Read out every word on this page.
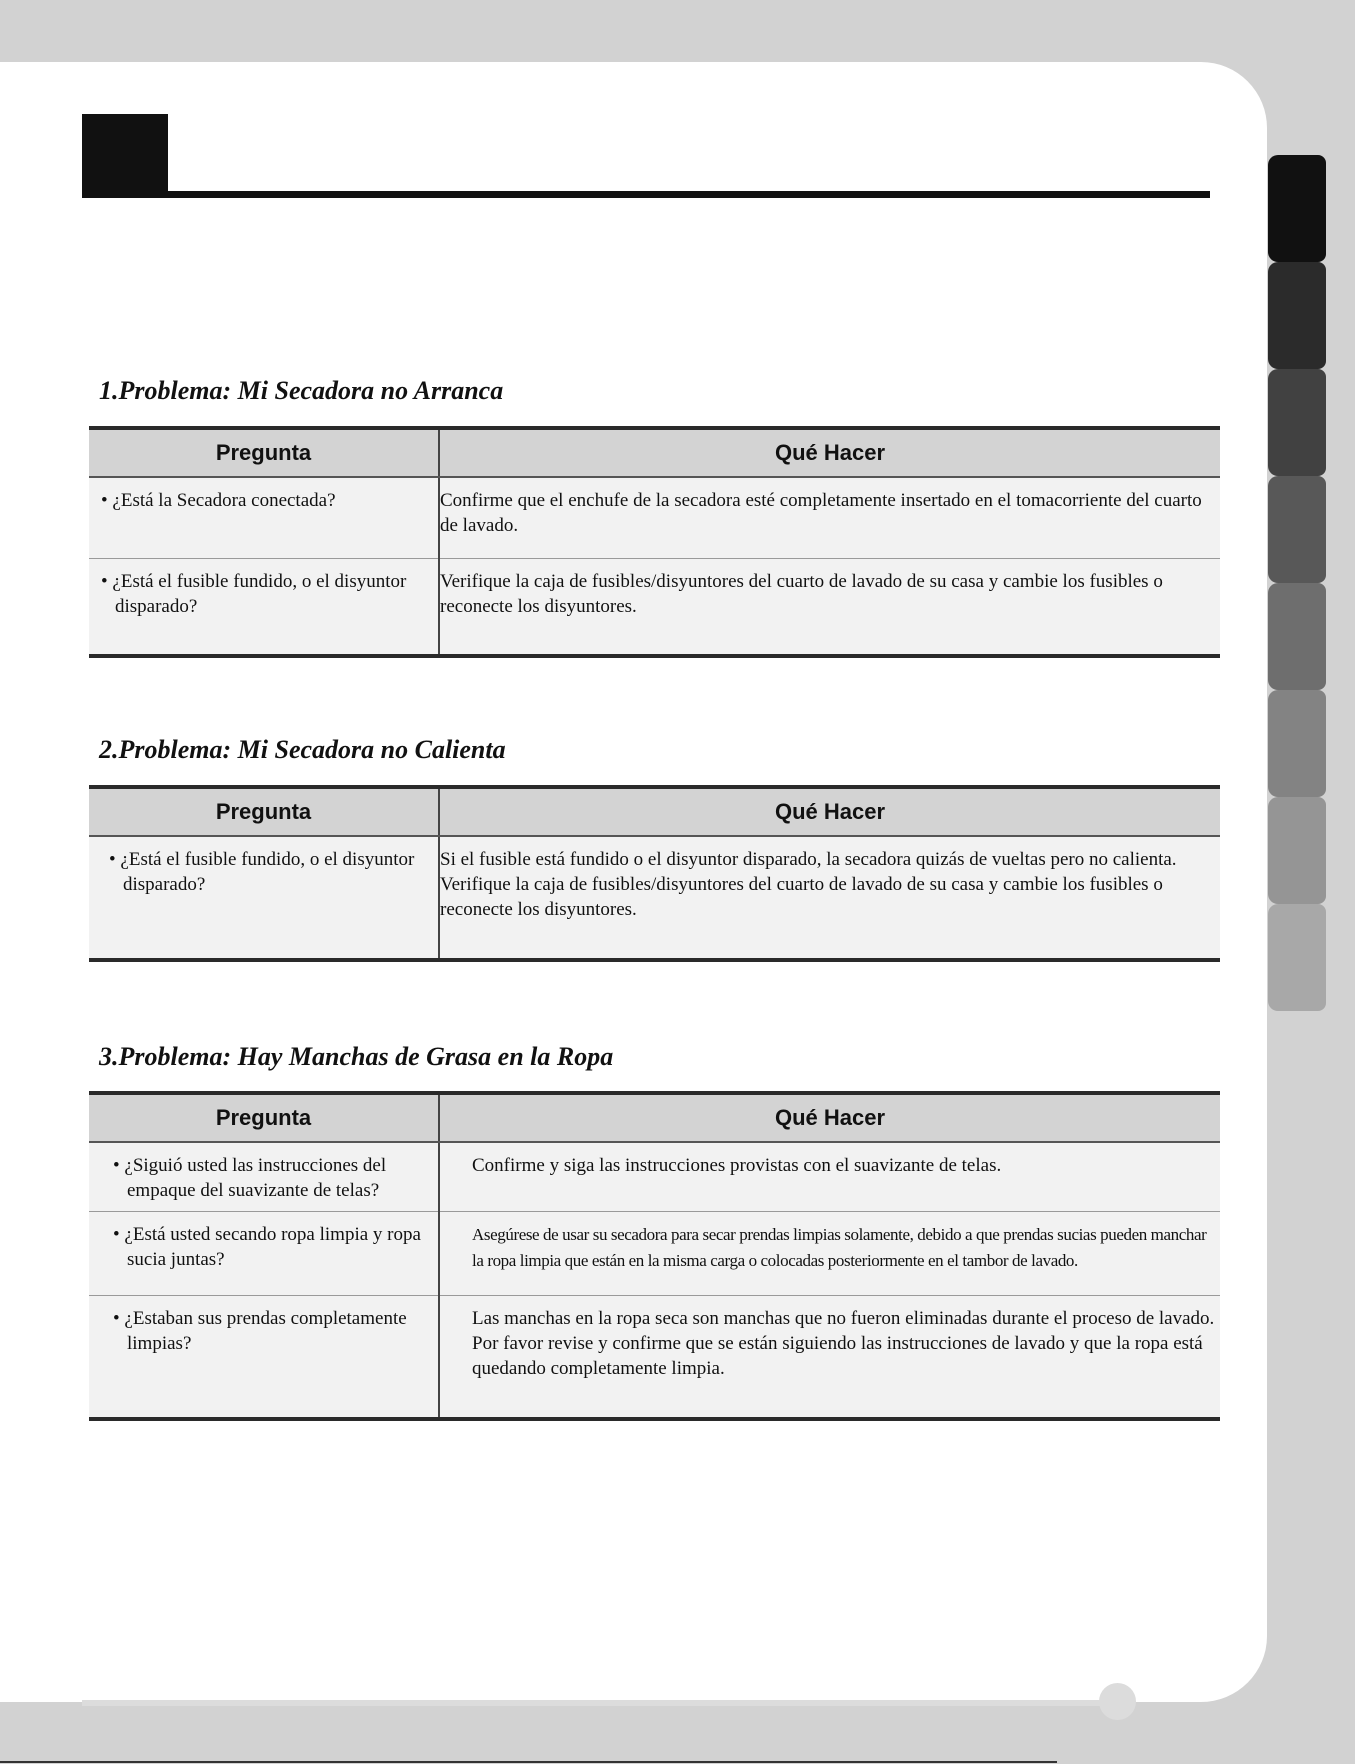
1.Problema: Mi Secadora no Arranca
Pregunta	Qué Hacer

• ¿Está la Secadora conectada?	Confirme que el enchufe de la secadora esté completamente insertado en el tomacorriente del cuarto de lavado.

• ¿Está el fusible fundido, o el disyuntor disparado?	Verifique la caja de fusibles/disyuntores del cuarto de lavado de su casa y cambie los fusibles o reconecte los disyuntores.
2.Problema: Mi Secadora no Calienta
Pregunta	Qué Hacer

• ¿Está el fusible fundido, o el disyuntor disparado?	Si el fusible está fundido o el disyuntor disparado, la secadora quizás de vueltas pero no calienta. Verifique la caja de fusibles/disyuntores del cuarto de lavado de su casa y cambie los fusibles o reconecte los disyuntores.
3.Problema: Hay Manchas de Grasa en la Ropa
Pregunta	Qué Hacer

• ¿Siguió usted las instrucciones del empaque del suavizante de telas?	Confirme y siga las instrucciones provistas con el suavizante de telas.

• ¿Está usted secando ropa limpia y ropa sucia juntas?	Asegúrese de usar su secadora para secar prendas limpias solamente, debido a que prendas sucias pueden manchar la ropa limpia que están en la misma carga o colocadas posteriormente en el tambor de lavado.

• ¿Estaban sus prendas completamente limpias?	Las manchas en la ropa seca son manchas que no fueron eliminadas durante el proceso de lavado. Por favor revise y confirme que se están siguiendo las instrucciones de lavado y que la ropa está quedando completamente limpia.
